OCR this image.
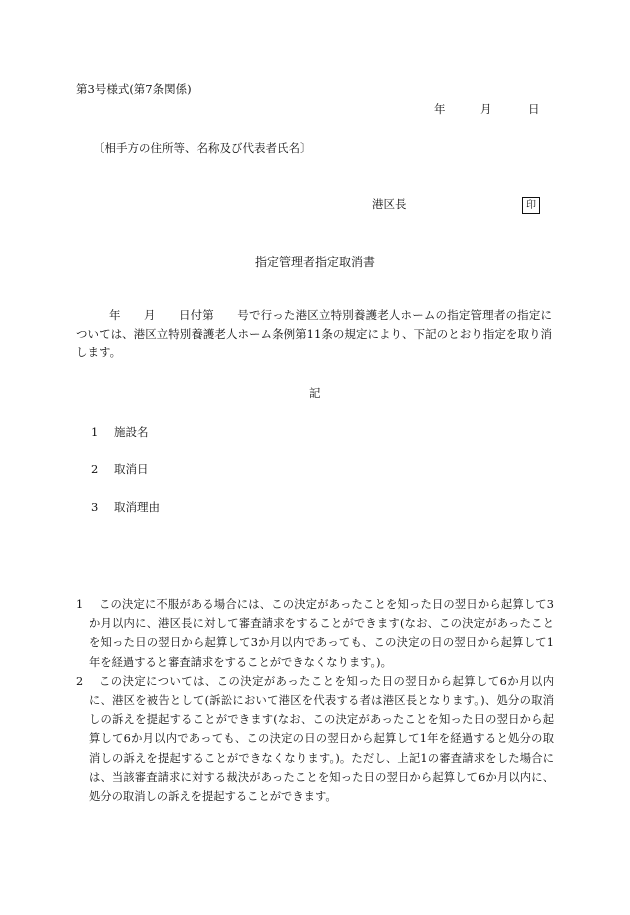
第3号様式(第7条関係)
年	月	日
〔相手方の住所等、名称及び代表者氏名〕
港区長	印
指定管理者指定取消書
年　　月　　日付第　　号で行った港区立特別養護老人ホームの指定管理者の指定については、港区立特別養護老人ホーム条例第11条の規定により、下記のとおり指定を取り消します。
記
1 施設名
2 取消日
3 取消理由
1	この決定に不服がある場合には、この決定があったことを知った日の翌日から起算して3か月以内に、港区長に対して審査請求をすることができます(なお、この決定があったことを知った日の翌日から起算して3か月以内であっても、この決定の日の翌日から起算して1年を経過すると審査請求をすることができなくなります。)。
2	この決定については、この決定があったことを知った日の翌日から起算して6か月以内に、港区を被告として(訴訟において港区を代表する者は港区長となります。)、処分の取消しの訴えを提起することができます(なお、この決定があったことを知った日の翌日から起算して6か月以内であっても、この決定の日の翌日から起算して1年を経過すると処分の取消しの訴えを提起することができなくなります。)。ただし、上記1の審査請求をした場合には、当該審査請求に対する裁決があったことを知った日の翌日から起算して6か月以内に、処分の取消しの訴えを提起することができます。
